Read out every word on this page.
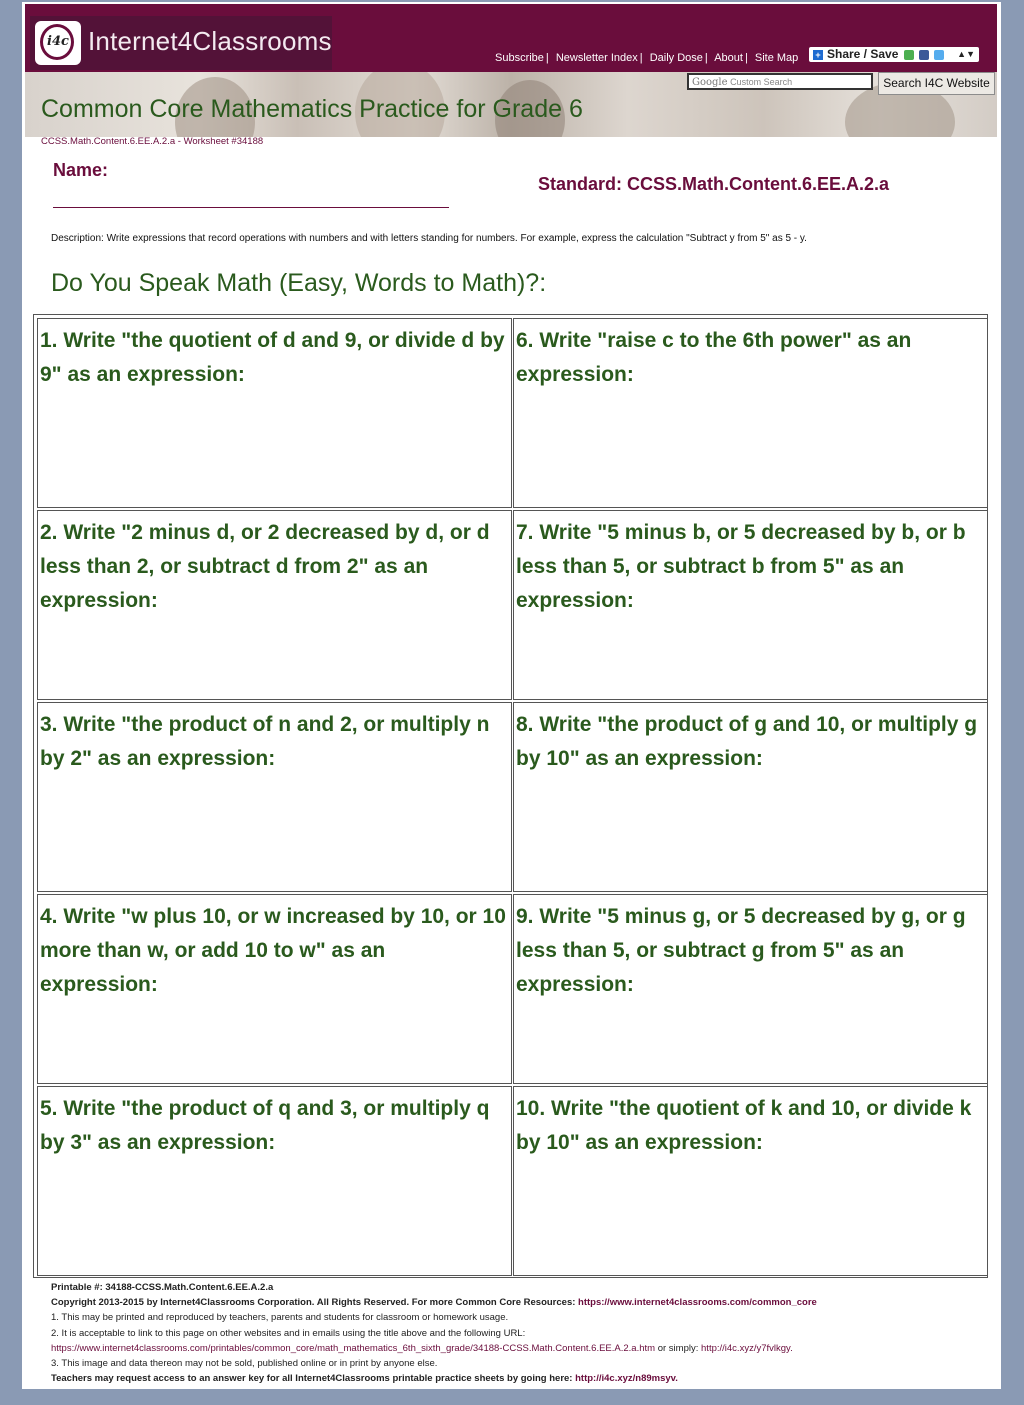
i4c Internet4Classrooms
Subscribe | Newsletter Index | Daily Dose | About | Site Map	+ Share / Save	▲▼
Google Custom Search	Search I4C Website
Common Core Mathematics Practice for Grade 6
CCSS.Math.Content.6.EE.A.2.a - Worksheet #34188
Name:
Standard: CCSS.Math.Content.6.EE.A.2.a
Description: Write expressions that record operations with numbers and with letters standing for numbers. For example, express the calculation "Subtract y from 5" as 5 - y.
Do You Speak Math (Easy, Words to Math)?:
1. Write "the quotient of d and 9, or divide d by 9" as an expression:
6. Write "raise c to the 6th power" as an expression:
2. Write "2 minus d, or 2 decreased by d, or d less than 2, or subtract d from 2" as an expression:
7. Write "5 minus b, or 5 decreased by b, or b less than 5, or subtract b from 5" as an expression:
3. Write "the product of n and 2, or multiply n by 2" as an expression:
8. Write "the product of g and 10, or multiply g by 10" as an expression:
4. Write "w plus 10, or w increased by 10, or 10 more than w, or add 10 to w" as an expression:
9. Write "5 minus g, or 5 decreased by g, or g less than 5, or subtract g from 5" as an expression:
5. Write "the product of q and 3, or multiply q by 3" as an expression:
10. Write "the quotient of k and 10, or divide k by 10" as an expression:
Printable #: 34188-CCSS.Math.Content.6.EE.A.2.a
Copyright 2013-2015 by Internet4Classrooms Corporation. All Rights Reserved. For more Common Core Resources: https://www.internet4classrooms.com/common_core
1. This may be printed and reproduced by teachers, parents and students for classroom or homework usage.
2. It is acceptable to link to this page on other websites and in emails using the title above and the following URL:
https://www.internet4classrooms.com/printables/common_core/math_mathematics_6th_sixth_grade/34188-CCSS.Math.Content.6.EE.A.2.a.htm or simply: http://i4c.xyz/y7fvlkgy.
3. This image and data thereon may not be sold, published online or in print by anyone else.
Teachers may request access to an answer key for all Internet4Classrooms printable practice sheets by going here: http://i4c.xyz/n89msyv.
